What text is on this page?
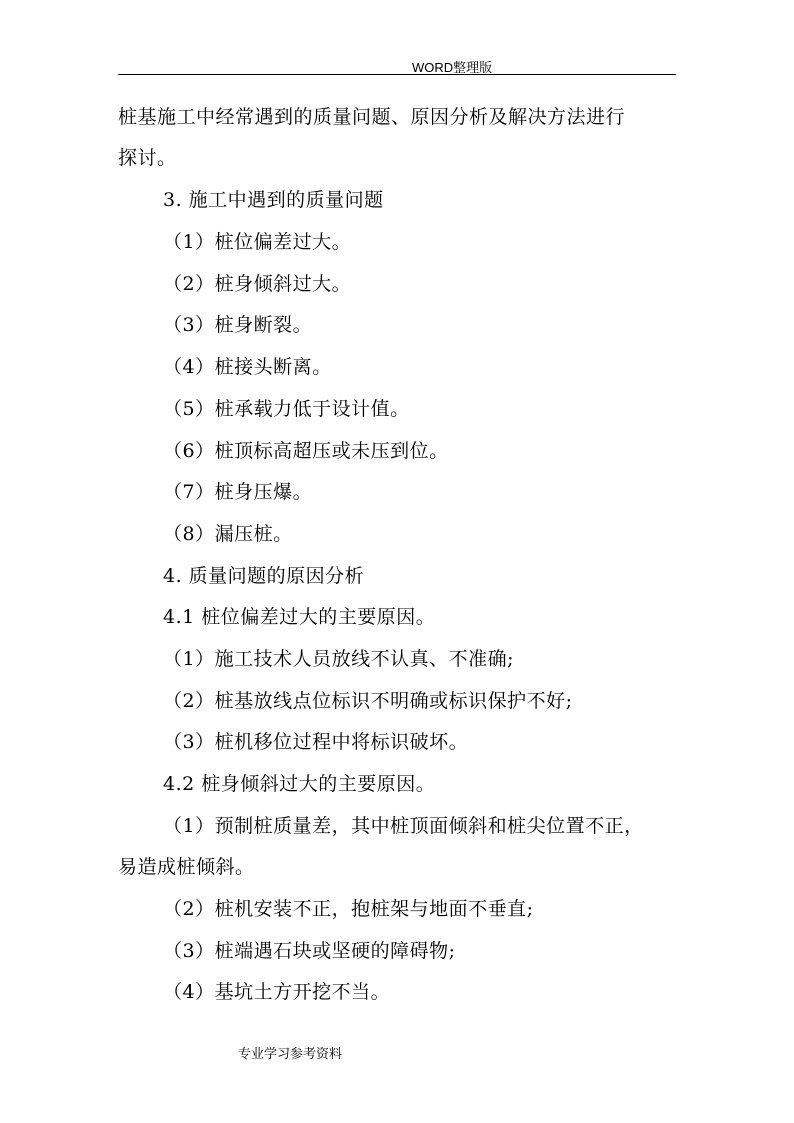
WORD整理版
桩基施工中经常遇到的质量问题、原因分析及解决方法进行
探讨。
3. 施工中遇到的质量问题
（1）桩位偏差过大。
（2）桩身倾斜过大。
（3）桩身断裂。
（4）桩接头断离。
（5）桩承载力低于设计值。
（6）桩顶标高超压或未压到位。
（7）桩身压爆。
（8）漏压桩。
4. 质量问题的原因分析
4.1 桩位偏差过大的主要原因。
（1）施工技术人员放线不认真、不准确;
（2）桩基放线点位标识不明确或标识保护不好;
（3）桩机移位过程中将标识破坏。
4.2 桩身倾斜过大的主要原因。
（1）预制桩质量差，其中桩顶面倾斜和桩尖位置不正，
易造成桩倾斜。
（2）桩机安装不正，抱桩架与地面不垂直;
（3）桩端遇石块或坚硬的障碍物;
（4）基坑土方开挖不当。
专业学习参考资料
